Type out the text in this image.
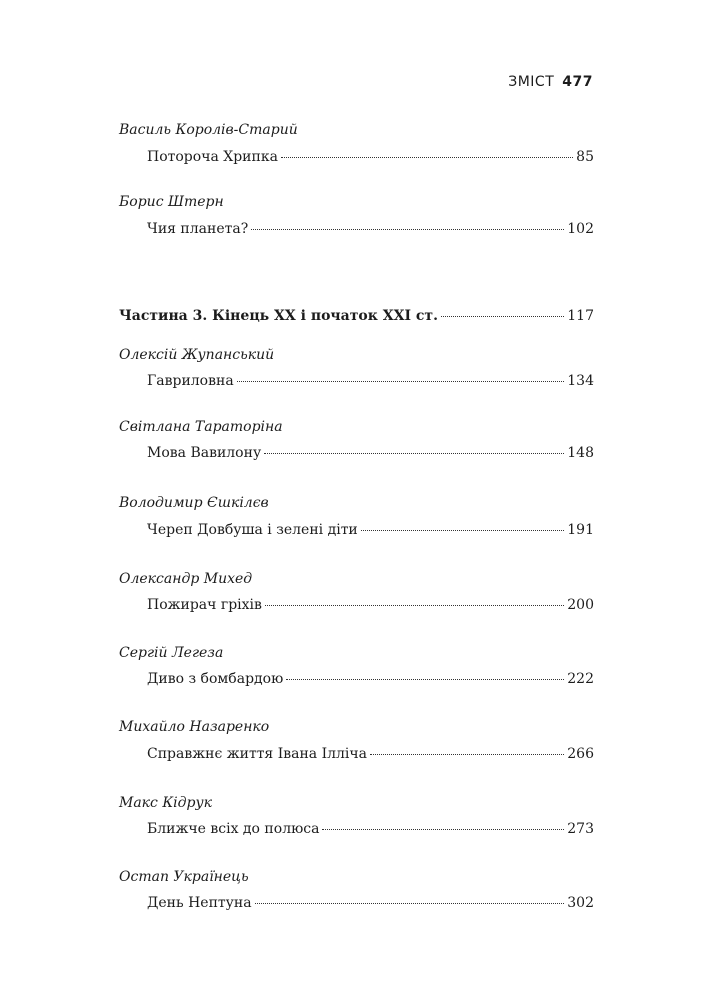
ЗМІСТ 477
Василь Королів-Старий
Потороча Хрипка	85
Борис Штерн
Чия планета?	102
Частина 3. Кінець ХХ і початок XXI ст.	117
Олексій Жупанський
Гавриловна	134
Світлана Тараторіна
Мова Вавилону	148
Володимир Єшкілєв
Череп Довбуша і зелені діти	191
Олександр Михед
Пожирач гріхів	200
Сергій Легеза
Диво з бомбардою	222
Михайло Назаренко
Справжнє життя Івана Ілліча	266
Макс Кідрук
Ближче всіх до полюса	273
Остап Українець
День Нептуна	302
